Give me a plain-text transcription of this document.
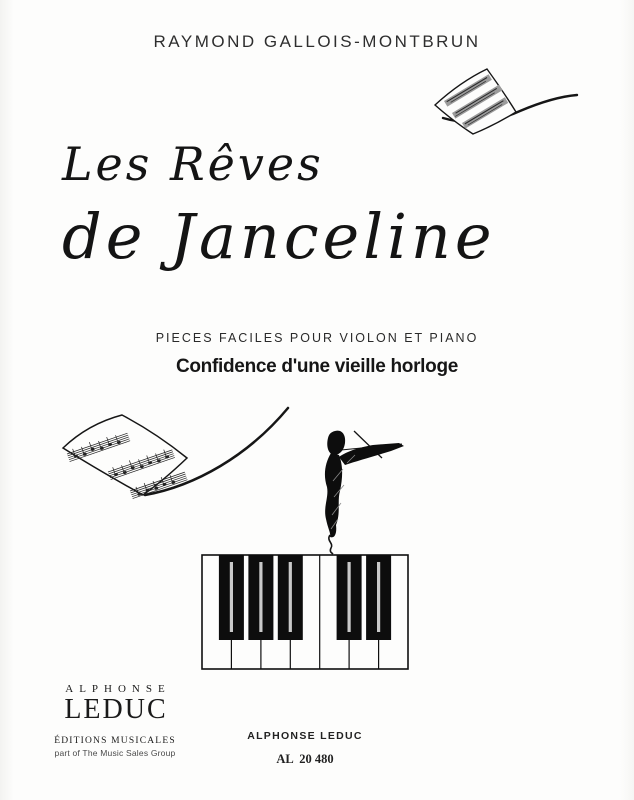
RAYMOND GALLOIS-MONTBRUN
Les Rêves
de Janceline
PIECES FACILES POUR VIOLON ET PIANO
Confidence d'une vieille horloge
ALPHONSE
LEDUC
ÉDITIONS MUSICALES
part of The Music Sales Group
ALPHONSE LEDUC
AL  20 480
